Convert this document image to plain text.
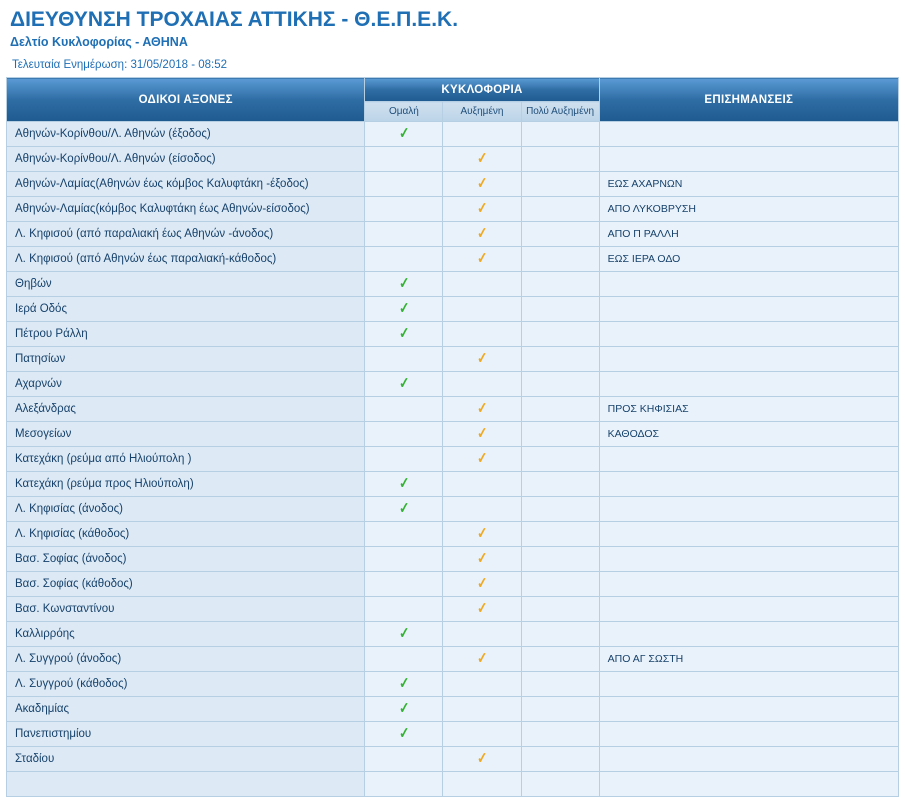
ΔΙΕΥΘΥΝΣΗ ΤΡΟΧΑΙΑΣ ΑΤΤΙΚΗΣ - Θ.Ε.Π.Ε.Κ.
Δελτίο Κυκλοφορίας - ΑΘΗΝΑ
Τελευταία Ενημέρωση: 31/05/2018 - 08:52
ΟΔΙΚΟΙ ΑΞΟΝΕΣ	ΚΥΚΛΟΦΟΡΙΑ			ΕΠΙΣΗΜΑΝΣΕΙΣ
	Ομαλή	Αυξημένη	Πολύ Αυξημένη	
Αθηνών-Κορίνθου/Λ. Αθηνών (έξοδος)	✓			
Αθηνών-Κορίνθου/Λ. Αθηνών (είσοδος)		✓		
Αθηνών-Λαμίας(Αθηνών έως κόμβος Καλυφτάκη -έξοδος)		✓		ΕΩΣ ΑΧΑΡΝΩΝ
Αθηνών-Λαμίας(κόμβος Καλυφτάκη έως Αθηνών-είσοδος)		✓		ΑΠΟ ΛΥΚΟΒΡΥΣΗ
Λ. Κηφισού (από παραλιακή έως Αθηνών -άνοδος)		✓		ΑΠΟ Π ΡΑΛΛΗ
Λ. Κηφισού (από Αθηνών έως παραλιακή-κάθοδος)		✓		ΕΩΣ ΙΕΡΑ ΟΔΟ
Θηβών	✓			
Ιερά Οδός	✓			
Πέτρου Ράλλη	✓			
Πατησίων		✓		
Αχαρνών	✓			
Αλεξάνδρας		✓		ΠΡΟΣ ΚΗΦΙΣΙΑΣ
Μεσογείων		✓		ΚΑΘΟΔΟΣ
Κατεχάκη (ρεύμα από Ηλιούπολη )		✓		
Κατεχάκη (ρεύμα προς Ηλιούπολη)	✓			
Λ. Κηφισίας (άνοδος)	✓			
Λ. Κηφισίας (κάθοδος)		✓		
Βασ. Σοφίας (άνοδος)		✓		
Βασ. Σοφίας (κάθοδος)		✓		
Βασ. Κωνσταντίνου		✓		
Καλλιρρόης	✓			
Λ. Συγγρού (άνοδος)		✓		ΑΠΟ ΑΓ ΣΩΣΤΗ
Λ. Συγγρού (κάθοδος)	✓			
Ακαδημίας	✓			
Πανεπιστημίου	✓			
Σταδίου		✓		
